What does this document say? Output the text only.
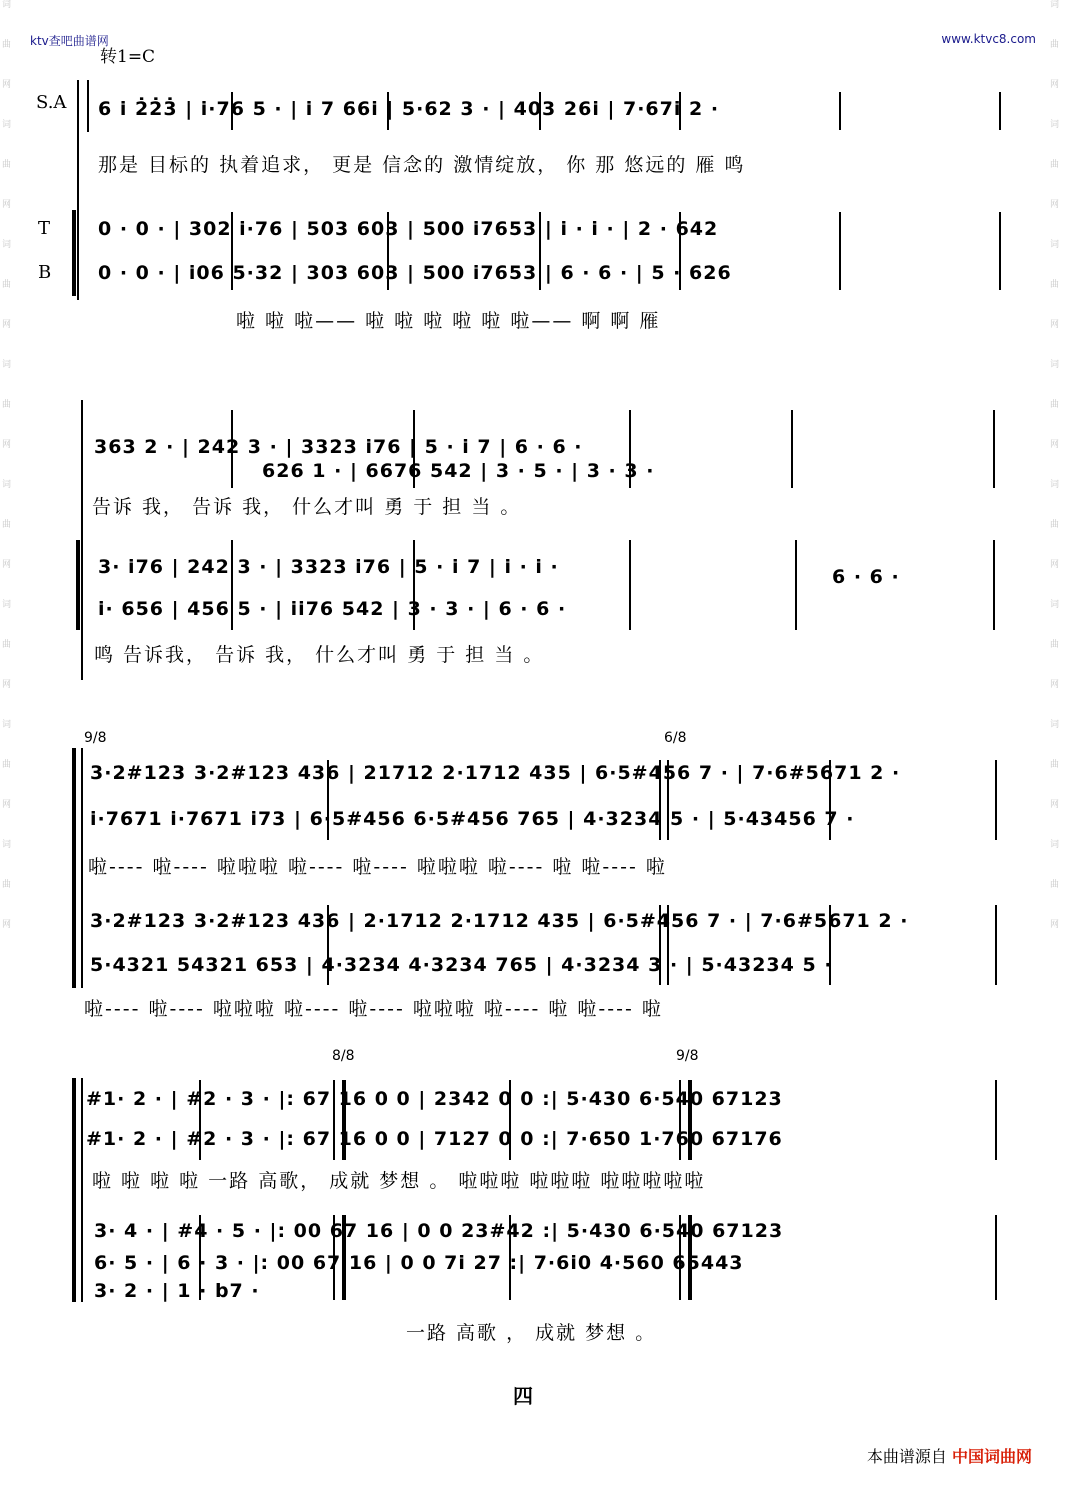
词
曲
网
词
曲
网
词
曲
网
词
曲
网
词
曲
网
词
曲
网
词
曲
网
词
曲
网
词
曲
网
词
曲
网
词
曲
网
词
曲
网
词
曲
网
词
曲
网
词
曲
网
词
曲
网
ktv查吧曲谱网	www.ktvc8.com
转1=C
S.A
T
B
6 i 2̇2̇3̇ | i·76 5 · | i 7 66i | 5·62 3 · | 403 26i | 7·67i 2 ·
那是 目标的 执着追求， 更是 信念的 激情绽放， 你 那 悠远的 雁 鸣
0 · 0 · | 302 i·76 | 503 603 | 500 i7653 | i · i · | 2 · 642
0 · 0 · | i06 5·32 | 303 603 | 500 i7653 | 6 · 6 · | 5 · 626
啦 啦 啦—— 啦 啦 啦 啦 啦 啦—— 啊 啊 雁
363 2 · | 242 3 · | 3323 i76 | 5 · i 7 | 6 · 6 ·
626 1 · | 6676 542 | 3 · 5 · | 3 · 3 ·
告诉 我， 告诉 我， 什么才叫 勇 于 担 当 。
3· i76 | 242 3 · | 3323 i76 | 5 · i 7 | i · i ·
i· 656 | 456 5 · | ii76 542 | 3 · 3 · | 6 · 6 ·
6 · 6 ·
鸣 告诉我， 告诉 我， 什么才叫 勇 于 担 当 。
9/8	6/8
3·2#123 3·2#123 436 | 21712 2·1712 435 | 6·5#456 7 · | 7·6#5671 2 ·
i·7671 i·7671 i73 | 6·5#456 6·5#456 765 | 4·3234 5 · | 5·43456 7 ·
啦---- 啦---- 啦啦啦 啦---- 啦---- 啦啦啦 啦---- 啦 啦---- 啦
3·2#123 3·2#123 436 | 2·1712 2·1712 435 | 6·5#456 7 · | 7·6#5671 2 ·
5·4321 54321 653 | 4·3234 4·3234 765 | 4·3234 3 · | 5·43234 5 ·
啦---- 啦---- 啦啦啦 啦---- 啦---- 啦啦啦 啦---- 啦 啦---- 啦
8/8	9/8
#1· 2 · | #2 · 3 · |: 67 16 0 0 | 2342 0 0 :| 5·430 6·540 67123
#1· 2 · | #2 · 3 · |: 67 16 0 0 | 7127 0 0 :| 7·650 1·760 67176
啦 啦 啦 啦 一路 高歌， 成就 梦想 。 啦啦啦 啦啦啦 啦啦啦啦啦
3· 4 · | #4 · 5 · |: 00 67 16 | 0 0 23#42 :| 5·430 6·540 67123
6· 5 · | 6 · 3 · |: 00 67 16 | 0 0 7i 27 :| 7·6i0 4·560 65443
3· 2 · | 1 · b7 ·
一路 高歌 ， 成就 梦想 。
四
本曲谱源自 中国词曲网
